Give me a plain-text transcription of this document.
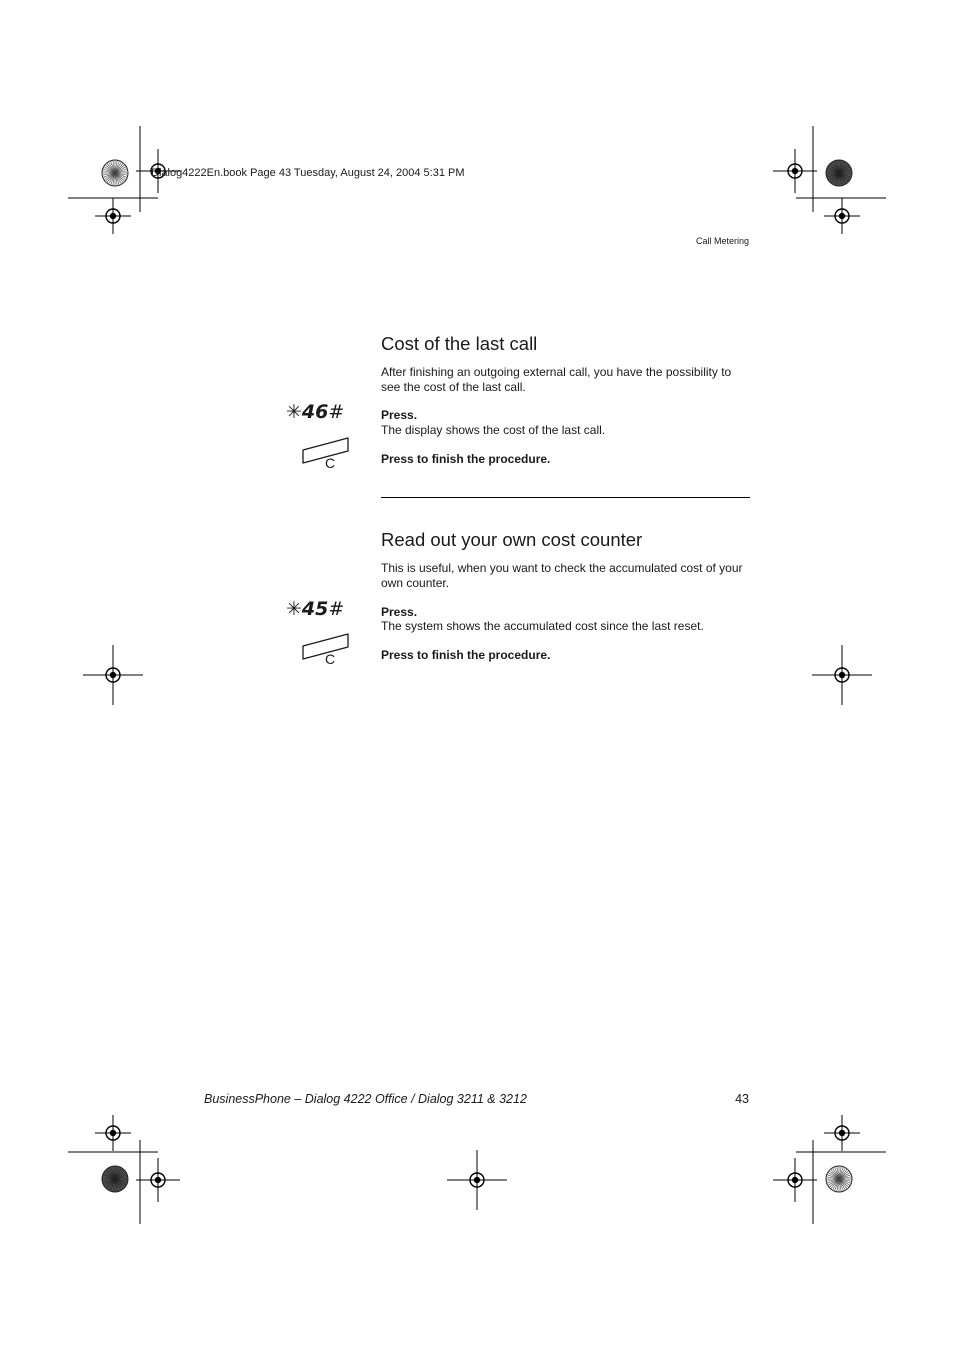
Dialog4222En.book Page 43 Tuesday, August 24, 2004 5:31 PM
Call Metering
Cost of the last call
After finishing an outgoing external call, you have the possibility to see the cost of the last call.
✳46#	Press.
The display shows the cost of the last call.
C	Press to finish the procedure.
Read out your own cost counter
This is useful, when you want to check the accumulated cost of your own counter.
✳45#	Press.
The system shows the accumulated cost since the last reset.
C	Press to finish the procedure.
BusinessPhone – Dialog 4222 Office / Dialog 3211 & 3212	43
